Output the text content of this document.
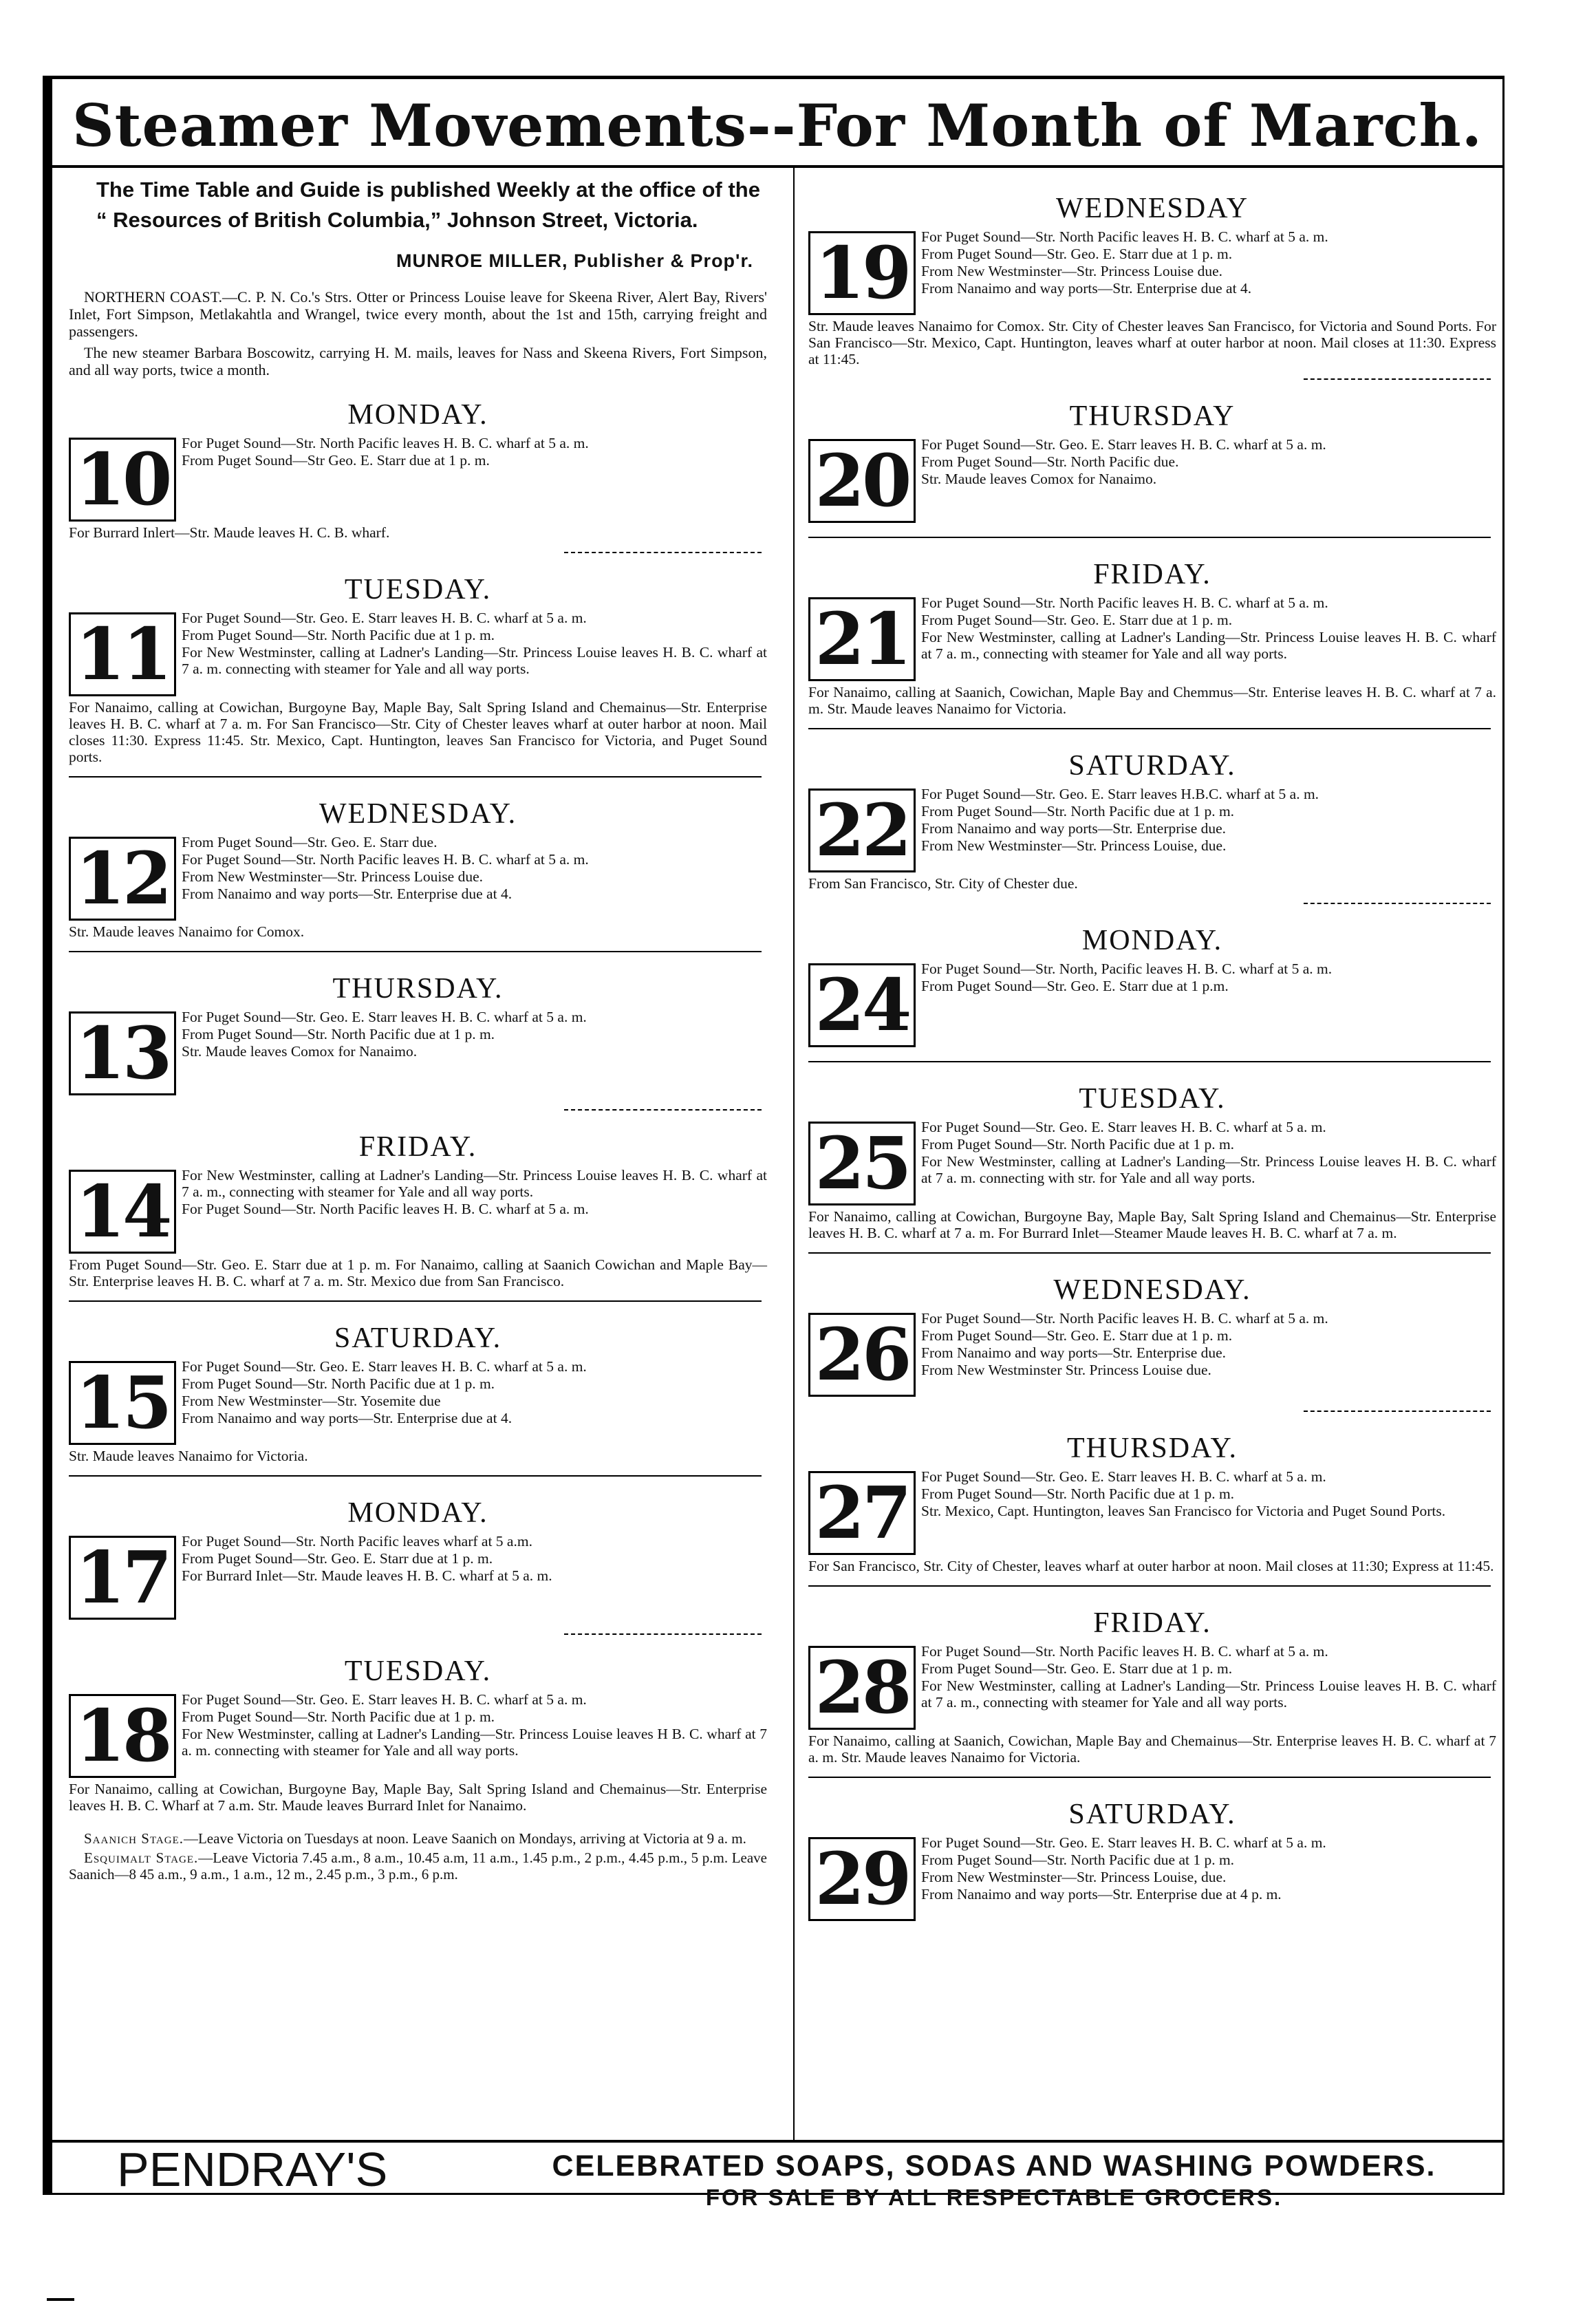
Steamer Movements--For Month of March.

The Time Table and Guide is published Weekly at the office of the “ Resources of British Columbia,” Johnson Street, Victoria.

MUNROE MILLER, Publisher & Prop'r.

NORTHERN COAST.—C. P. N. Co.'s Strs. Otter or Princess Louise leave for Skeena River, Alert Bay, Rivers' Inlet, Fort Simpson, Metlakahtla and Wrangel, twice every month, about the 1st and 15th, carrying freight and passengers.

The new steamer Barbara Boscowitz, carrying H. M. mails, leaves for Nass and Skeena Rivers, Fort Simpson, and all way ports, twice a month.

MONDAY.
10 For Puget Sound—Str. North Pacific leaves H. B. C. wharf at 5 a. m.
From Puget Sound—Str Geo. E. Starr due at 1 p. m.
For Burrard Inlert—Str. Maude leaves H. C. B. wharf.
TUESDAY.
11 For Puget Sound—Str. Geo. E. Starr leaves H. B. C. wharf at 5 a. m.
From Puget Sound—Str. North Pacific due at 1 p. m.
For New Westminster, calling at Ladner's Landing—Str. Princess Louise leaves H. B. C. wharf at 7 a. m. connecting with steamer for Yale and all way ports.
For Nanaimo, calling at Cowichan, Burgoyne Bay, Maple Bay, Salt Spring Island and Chemainus—Str. Enterprise leaves H. B. C. wharf at 7 a. m. For San Francisco—Str. City of Chester leaves wharf at outer harbor at noon. Mail closes 11:30. Express 11:45. Str. Mexico, Capt. Huntington, leaves San Francisco for Victoria, and Puget Sound ports.
WEDNESDAY.
12 From Puget Sound—Str. Geo. E. Starr due.
For Puget Sound—Str. North Pacific leaves H. B. C. wharf at 5 a. m.
From New Westminster—Str. Princess Louise due.
From Nanaimo and way ports—Str. Enterprise due at 4.
Str. Maude leaves Nanaimo for Comox.
THURSDAY.
13 For Puget Sound—Str. Geo. E. Starr leaves H. B. C. wharf at 5 a. m.
From Puget Sound—Str. North Pacific due at 1 p. m.
Str. Maude leaves Comox for Nanaimo.
FRIDAY.
14 For New Westminster, calling at Ladner's Landing—Str. Princess Louise leaves H. B. C. wharf at 7 a. m., connecting with steamer for Yale and all way ports.
For Puget Sound—Str. North Pacific leaves H. B. C. wharf at 5 a. m.
From Puget Sound—Str. Geo. E. Starr due at 1 p. m. For Nanaimo, calling at Saanich Cowichan and Maple Bay—Str. Enterprise leaves H. B. C. wharf at 7 a. m. Str. Mexico due from San Francisco.
SATURDAY.
15 For Puget Sound—Str. Geo. E. Starr leaves H. B. C. wharf at 5 a. m.
From Puget Sound—Str. North Pacific due at 1 p. m.
From New Westminster—Str. Yosemite due
From Nanaimo and way ports—Str. Enterprise due at 4.
Str. Maude leaves Nanaimo for Victoria.
MONDAY.
17 For Puget Sound—Str. North Pacific leaves wharf at 5 a.m.
From Puget Sound—Str. Geo. E. Starr due at 1 p. m.
For Burrard Inlet—Str. Maude leaves H. B. C. wharf at 5 a. m.
TUESDAY.
18 For Puget Sound—Str. Geo. E. Starr leaves H. B. C. wharf at 5 a. m.
From Puget Sound—Str. North Pacific due at 1 p. m.
For New Westminster, calling at Ladner's Landing—Str. Princess Louise leaves H B. C. wharf at 7 a. m. connecting with steamer for Yale and all way ports.
For Nanaimo, calling at Cowichan, Burgoyne Bay, Maple Bay, Salt Spring Island and Chemainus—Str. Enterprise leaves H. B. C. Wharf at 7 a.m. Str. Maude leaves Burrard Inlet for Nanaimo.

Saanich Stage.—Leave Victoria on Tuesdays at noon. Leave Saanich on Mondays, arriving at Victoria at 9 a. m.

Esquimalt Stage.—Leave Victoria 7.45 a.m., 8 a.m., 10.45 a.m, 11 a.m., 1.45 p.m., 2 p.m., 4.45 p.m., 5 p.m. Leave Saanich—8 45 a.m., 9 a.m., 1 a.m., 12 m., 2.45 p.m., 3 p.m., 6 p.m.

WEDNESDAY
19 For Puget Sound—Str. North Pacific leaves H. B. C. wharf at 5 a. m.
From Puget Sound—Str. Geo. E. Starr due at 1 p. m.
From New Westminster—Str. Princess Louise due.
From Nanaimo and way ports—Str. Enterprise due at 4.
Str. Maude leaves Nanaimo for Comox. Str. City of Chester leaves San Francisco, for Victoria and Sound Ports. For San Francisco—Str. Mexico, Capt. Huntington, leaves wharf at outer harbor at noon. Mail closes at 11:30. Express at 11:45.
THURSDAY
20 For Puget Sound—Str. Geo. E. Starr leaves H. B. C. wharf at 5 a. m.
From Puget Sound—Str. North Pacific due.
Str. Maude leaves Comox for Nanaimo.
FRIDAY.
21 For Puget Sound—Str. North Pacific leaves H. B. C. wharf at 5 a. m.
From Puget Sound—Str. Geo. E. Starr due at 1 p. m.
For New Westminster, calling at Ladner's Landing—Str. Princess Louise leaves H. B. C. wharf at 7 a. m., connecting with steamer for Yale and all way ports.
For Nanaimo, calling at Saanich, Cowichan, Maple Bay and Chemmus—Str. Enterise leaves H. B. C. wharf at 7 a. m. Str. Maude leaves Nanaimo for Victoria.
SATURDAY.
22 For Puget Sound—Str. Geo. E. Starr leaves H.B.C. wharf at 5 a. m.
From Puget Sound—Str. North Pacific due at 1 p. m.
From Nanaimo and way ports—Str. Enterprise due.
From New Westminster—Str. Princess Louise, due.
From San Francisco, Str. City of Chester due.
MONDAY.
24 For Puget Sound—Str. North, Pacific leaves H. B. C. wharf at 5 a. m.
From Puget Sound—Str. Geo. E. Starr due at 1 p.m.
TUESDAY.
25 For Puget Sound—Str. Geo. E. Starr leaves H. B. C. wharf at 5 a. m.
From Puget Sound—Str. North Pacific due at 1 p. m.
For New Westminster, calling at Ladner's Landing—Str. Princess Louise leaves H. B. C. wharf at 7 a. m. connecting with str. for Yale and all way ports.
For Nanaimo, calling at Cowichan, Burgoyne Bay, Maple Bay, Salt Spring Island and Chemainus—Str. Enterprise leaves H. B. C. wharf at 7 a. m. For Burrard Inlet—Steamer Maude leaves H. B. C. wharf at 7 a. m.
WEDNESDAY.
26 For Puget Sound—Str. North Pacific leaves H. B. C. wharf at 5 a. m.
From Puget Sound—Str. Geo. E. Starr due at 1 p. m.
From Nanaimo and way ports—Str. Enterprise due.
From New Westminster Str. Princess Louise due.
THURSDAY.
27 For Puget Sound—Str. Geo. E. Starr leaves H. B. C. wharf at 5 a. m.
From Puget Sound—Str. North Pacific due at 1 p. m.
Str. Mexico, Capt. Huntington, leaves San Francisco for Victoria and Puget Sound Ports.
For San Francisco, Str. City of Chester, leaves wharf at outer harbor at noon. Mail closes at 11:30; Express at 11:45.
FRIDAY.
28 For Puget Sound—Str. North Pacific leaves H. B. C. wharf at 5 a. m.
From Puget Sound—Str. Geo. E. Starr due at 1 p. m.
For New Westminster, calling at Ladner's Landing—Str. Princess Louise leaves H. B. C. wharf at 7 a. m., connecting with steamer for Yale and all way ports.
For Nanaimo, calling at Saanich, Cowichan, Maple Bay and Chemainus—Str. Enterprise leaves H. B. C. wharf at 7 a. m. Str. Maude leaves Nanaimo for Victoria.
SATURDAY.
29 For Puget Sound—Str. Geo. E. Starr leaves H. B. C. wharf at 5 a. m.
From Puget Sound—Str. North Pacific due at 1 p. m.
From New Westminster—Str. Princess Louise, due.
From Nanaimo and way ports—Str. Enterprise due at 4 p. m.
PENDRAY'S	CELEBRATED SOAPS, SODAS AND WASHING POWDERS.
FOR SALE BY ALL RESPECTABLE GROCERS.
